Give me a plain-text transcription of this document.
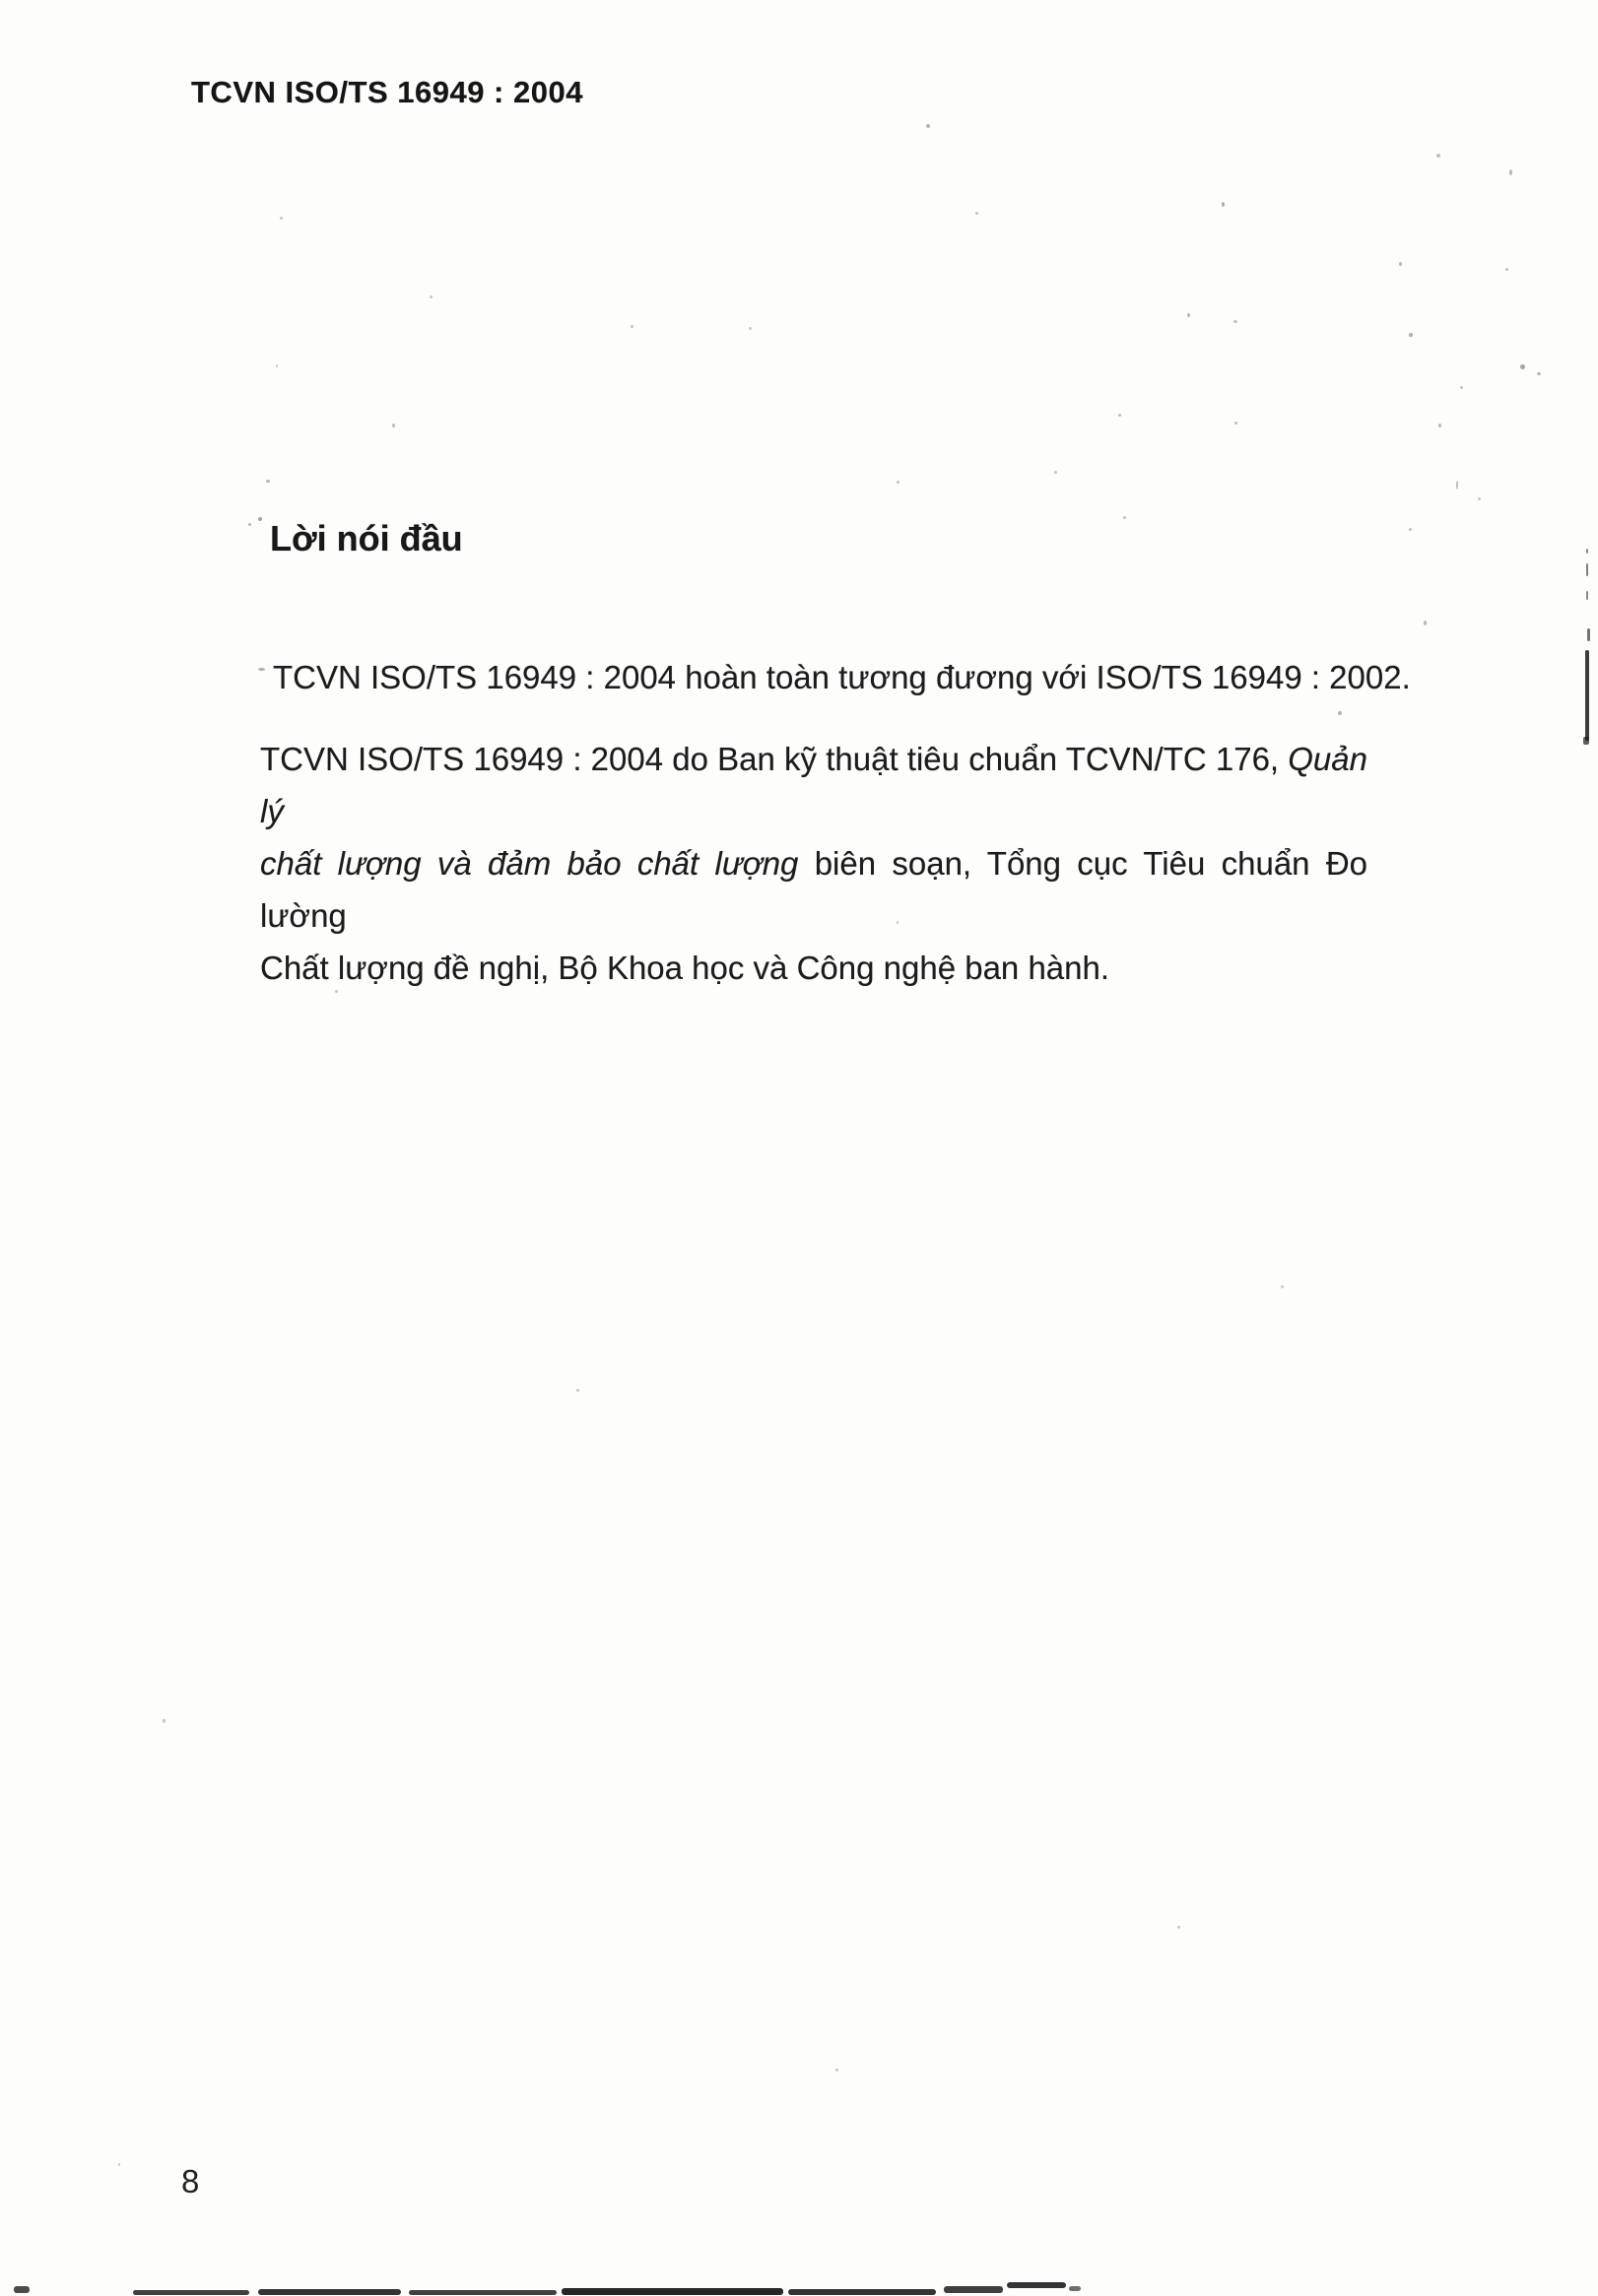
TCVN ISO/TS 16949 : 2004
Lời nói đầu

TCVN ISO/TS 16949 : 2004 hoàn toàn tương đương với ISO/TS 16949 : 2002.

TCVN ISO/TS 16949 : 2004 do Ban kỹ thuật tiêu chuẩn TCVN/TC 176, Quản lý
chất lượng và đảm bảo chất lượng biên soạn, Tổng cục Tiêu chuẩn Đo lường
Chất lượng đề nghị, Bộ Khoa học và Công nghệ ban hành.
8
